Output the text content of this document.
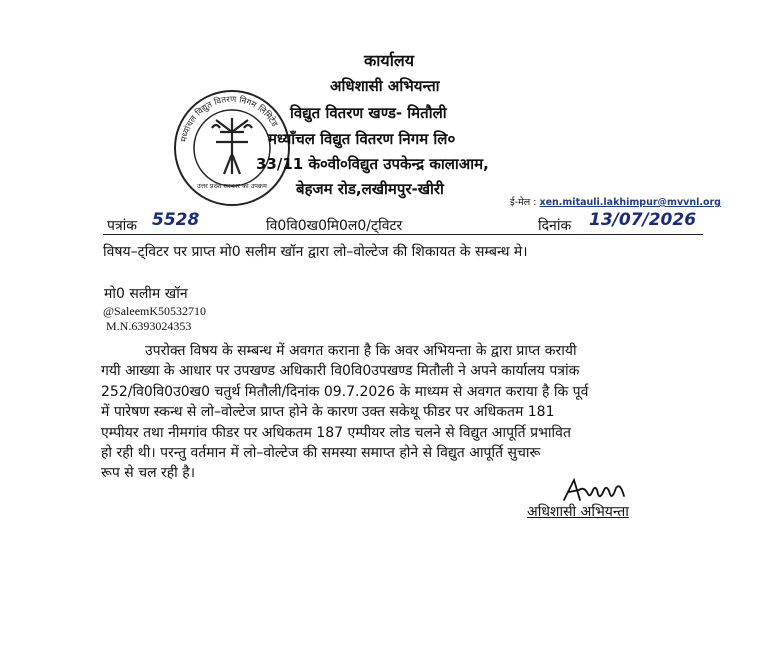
मध्यांचल विद्युत वितरण निगम लिमिटेड
उत्तर प्रदेश सरकार का उपक्रम
कार्यालय
अधिशासी अभियन्ता
विद्युत वितरण खण्ड- मितौली
मध्यॉंचल विद्युत वितरण निगम लि०
33/11 के०वी०विद्युत उपकेन्द्र कालाआम,
बेहजम रोड,लखीमपुर-खीरी
ई-मेल : xen.mitauli.lakhimpur@mvvnl.org
पत्रांक 5528	वि0वि0ख0मि0ल0/ट्विटर	दिनांक 13/07/2026
विषय–ट्विटर पर प्राप्त मो0 सलीम खॉन द्वारा लो–वोल्टेज की शिकायत के सम्बन्ध मे।
मो0 सलीम खॉन
@SaleemK50532710
M.N.6393024353
उपरोक्त विषय के सम्बन्ध में अवगत कराना है कि अवर अभियन्ता के द्वारा प्राप्त करायी
गयी आख्या के आधार पर उपखण्ड अधिकारी वि0वि0उपखण्ड मितौली ने अपने कार्यालय पत्रांक
252/वि0वि0उ0ख0 चतुर्थ मितौली/दिनांक 09.7.2026 के माध्यम से अवगत कराया है कि पूर्व
में पारेषण स्कन्ध से लो–वोल्टेज प्राप्त होने के कारण उक्त सकेथू फीडर पर अधिकतम 181
एम्पीयर तथा नीमगांव फीडर पर अधिकतम 187 एम्पीयर लोड चलने से विद्युत आपूर्ति प्रभावित
हो रही थी। परन्तु वर्तमान में लो–वोल्टेज की समस्या समाप्त होने से विद्युत आपूर्ति सुचारू
रूप से चल रही है।
अधिशासी अभियन्ता
